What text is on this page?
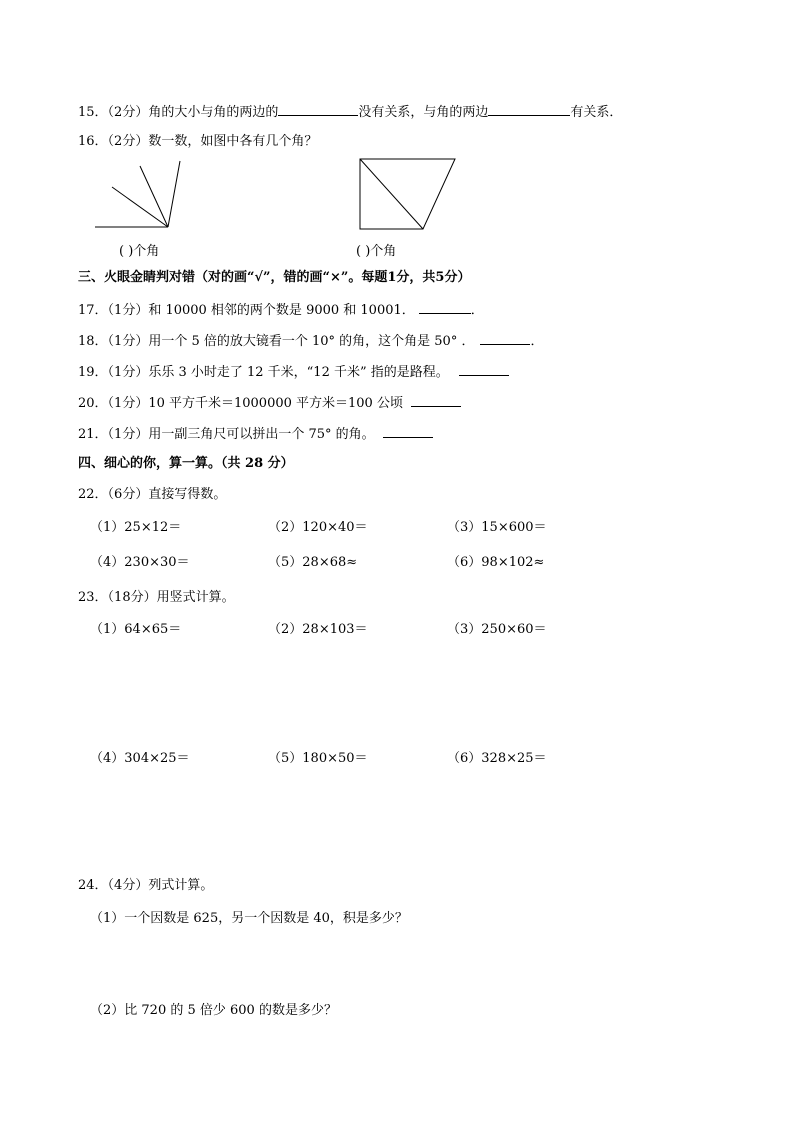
15．（2分）角的大小与角的两边的	没有关系，与角的两边	有关系．
16．（2分）数一数，如图中各有几个角？
( )个角	( )个角
三、火眼金睛判对错（对的画“√”，错的画“×”。每题1分，共5分）
17．（1分）和 10000 相邻的两个数是 9000 和 10001．	．
18．（1分）用一个 5 倍的放大镜看一个 10° 的角，这个角是 50° ．	．
19．（1分）乐乐 3 小时走了 12 千米，“12 千米” 指的是路程。
20．（1分）10 平方千米＝1000000 平方米＝100 公顷
21．（1分）用一副三角尺可以拼出一个 75° 的角。
四、细心的你，算一算。（共 28 分）
22．（6分）直接写得数。
（1）25×12＝	（2）120×40＝	（3）15×600＝
（4）230×30＝	（5）28×68≈	（6）98×102≈
23．（18分）用竖式计算。
（1）64×65＝	（2）28×103＝	（3）250×60＝
（4）304×25＝	（5）180×50＝	（6）328×25＝
24．（4分）列式计算。
（1）一个因数是 625，另一个因数是 40，积是多少？
（2）比 720 的 5 倍少 600 的数是多少？
